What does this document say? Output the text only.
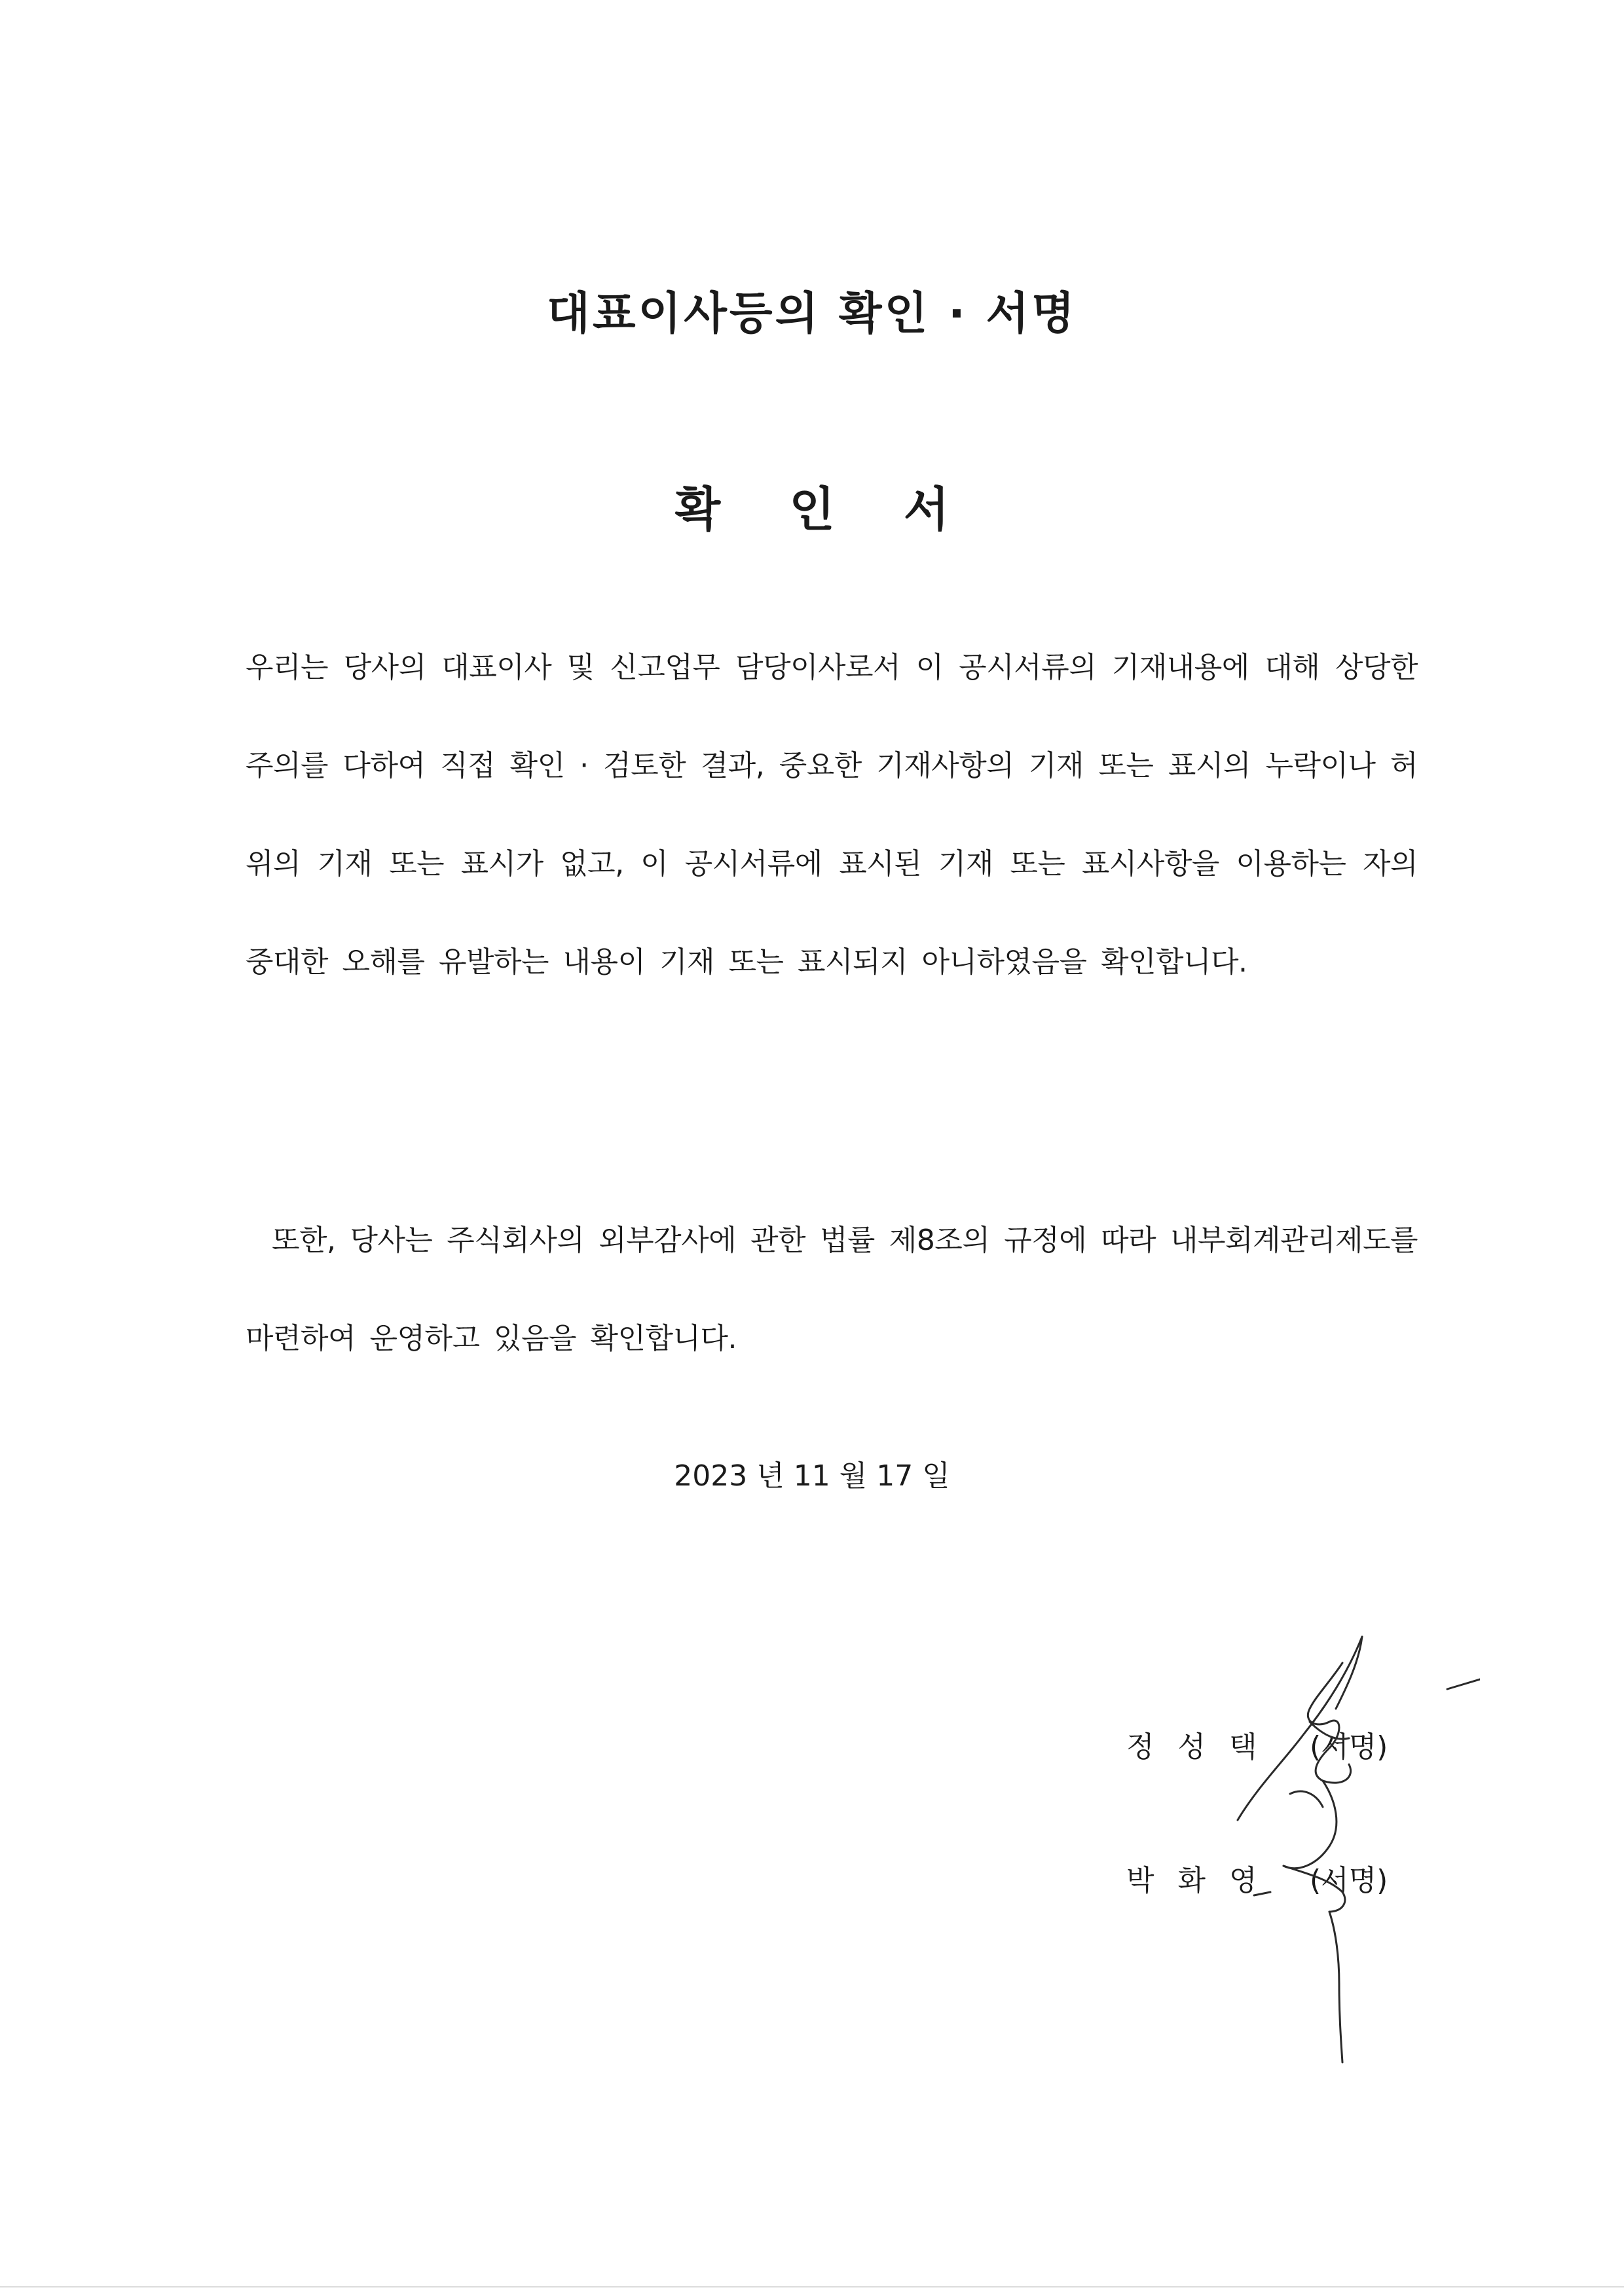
대표이사등의 확인 · 서명
확 인 서

우리는 당사의 대표이사 및 신고업무 담당이사로서 이 공시서류의 기재내용에 대해 상당한 주의를 다하여 직접 확인 · 검토한 결과, 중요한 기재사항의 기재 또는 표시의 누락이나 허위의 기재 또는 표시가 없고, 이 공시서류에 표시된 기재 또는 표시사항을 이용하는 자의 중대한 오해를 유발하는 내용이 기재 또는 표시되지 아니하였음을 확인합니다.

또한, 당사는 주식회사의 외부감사에 관한 법률 제8조의 규정에 따라 내부회계관리제도를 마련하여 운영하고 있음을 확인합니다.

2023 년 11 월 17 일

정성택 (서명)
박화영 (서명)
